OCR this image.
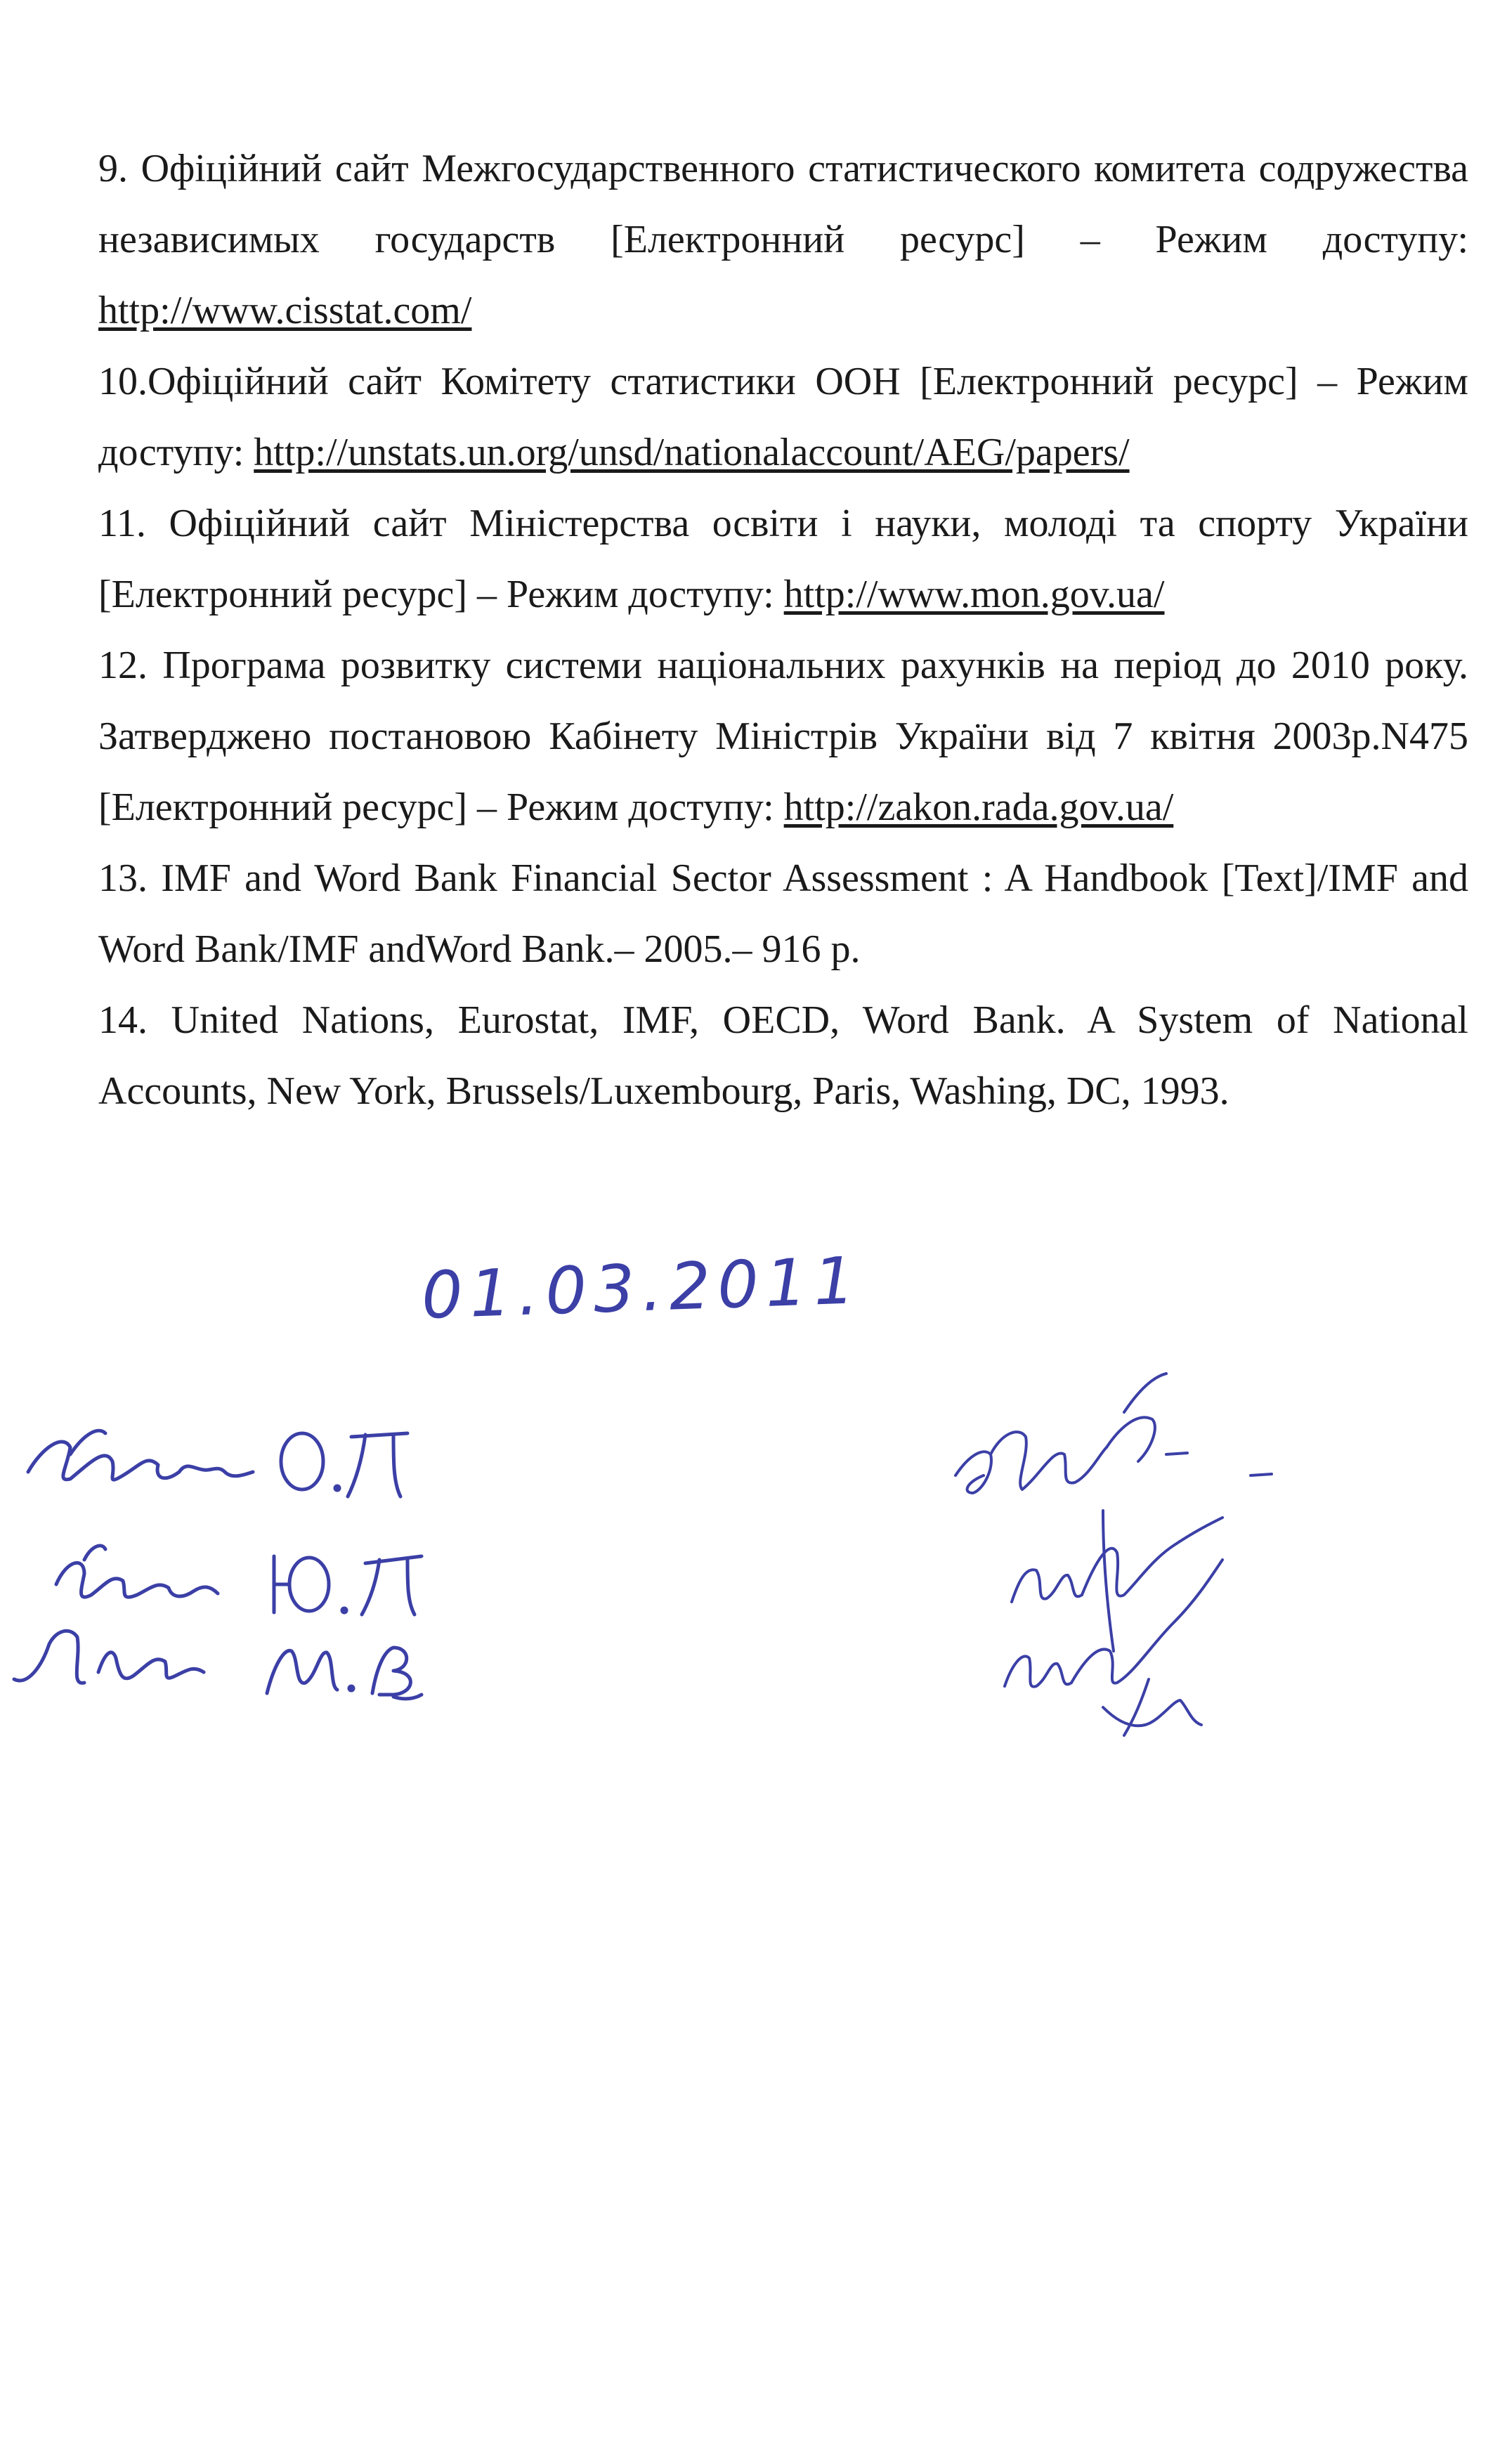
9. Офіційний сайт Межгосударственного статистического комитета содружества независимых государств [Електронний ресурс] – Режим доступу: http://www.cisstat.com/

10.Офіційний сайт Комітету статистики ООН [Електронний ресурс] – Режим доступу: http://unstats.un.org/unsd/nationalaccount/AEG/papers/

11. Офіційний сайт Міністерства освіти і науки, молоді та спорту України [Електронний ресурс] – Режим доступу: http://www.mon.gov.ua/

12. Програма розвитку системи національних рахунків на період до 2010 року. Затверджено постановою Кабінету Міністрів України від 7 квітня 2003р.N475 [Електронний ресурс] – Режим доступу: http://zakon.rada.gov.ua/

13. IMF and Word Bank Financial Sector Assessment : A Handbook [Text]/IMF and Word Bank/IMF andWord Bank.– 2005.– 916 p.

14. United Nations, Eurostat, IMF, OECD, Word Bank. A System of National Accounts, New York, Brussels/Luxembourg, Paris, Washing, DC, 1993.

01.03.2011
